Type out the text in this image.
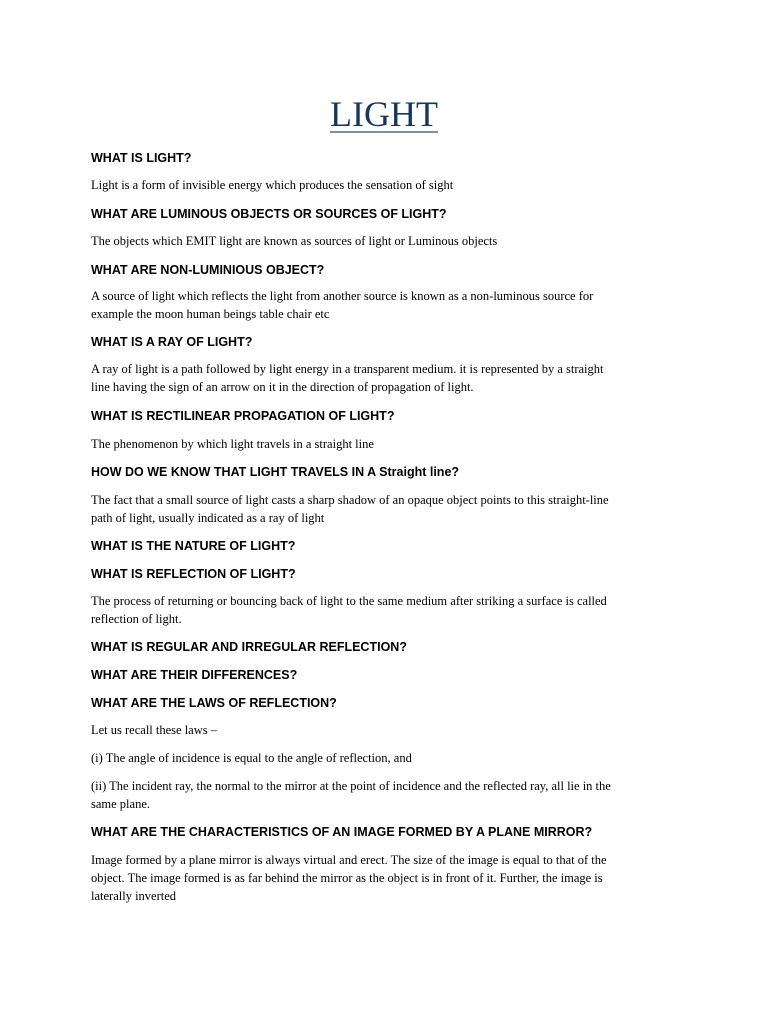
LIGHT
WHAT IS LIGHT?
Light is a form of invisible energy which produces the sensation of sight
WHAT ARE LUMINOUS OBJECTS OR SOURCES OF LIGHT?
The objects which EMIT light are known as sources of light or Luminous objects
WHAT ARE NON-LUMINIOUS OBJECT?
A source of light which reflects the light from another source is known as a non-luminous source for
example the moon human beings table chair etc
WHAT IS A RAY OF LIGHT?
A ray of light is a path followed by light energy in a transparent medium. it is represented by a straight
line having the sign of an arrow on it in the direction of propagation of light.
WHAT IS RECTILINEAR PROPAGATION OF LIGHT?
The phenomenon by which light travels in a straight line
HOW DO WE KNOW THAT LIGHT TRAVELS IN A Straight line?
The fact that a small source of light casts a sharp shadow of an opaque object points to this straight-line
path of light, usually indicated as a ray of light
WHAT IS THE NATURE OF LIGHT?
WHAT IS REFLECTION OF LIGHT?
The process of returning or bouncing back of light to the same medium after striking a surface is called
reflection of light.
WHAT IS REGULAR AND IRREGULAR REFLECTION?
WHAT ARE THEIR DIFFERENCES?
WHAT ARE THE LAWS OF REFLECTION?
Let us recall these laws –
(i) The angle of incidence is equal to the angle of reflection, and
(ii) The incident ray, the normal to the mirror at the point of incidence and the reflected ray, all lie in the
same plane.
WHAT ARE THE CHARACTERISTICS OF AN IMAGE FORMED BY A PLANE MIRROR?
Image formed by a plane mirror is always virtual and erect. The size of the image is equal to that of the
object. The image formed is as far behind the mirror as the object is in front of it. Further, the image is
laterally inverted
